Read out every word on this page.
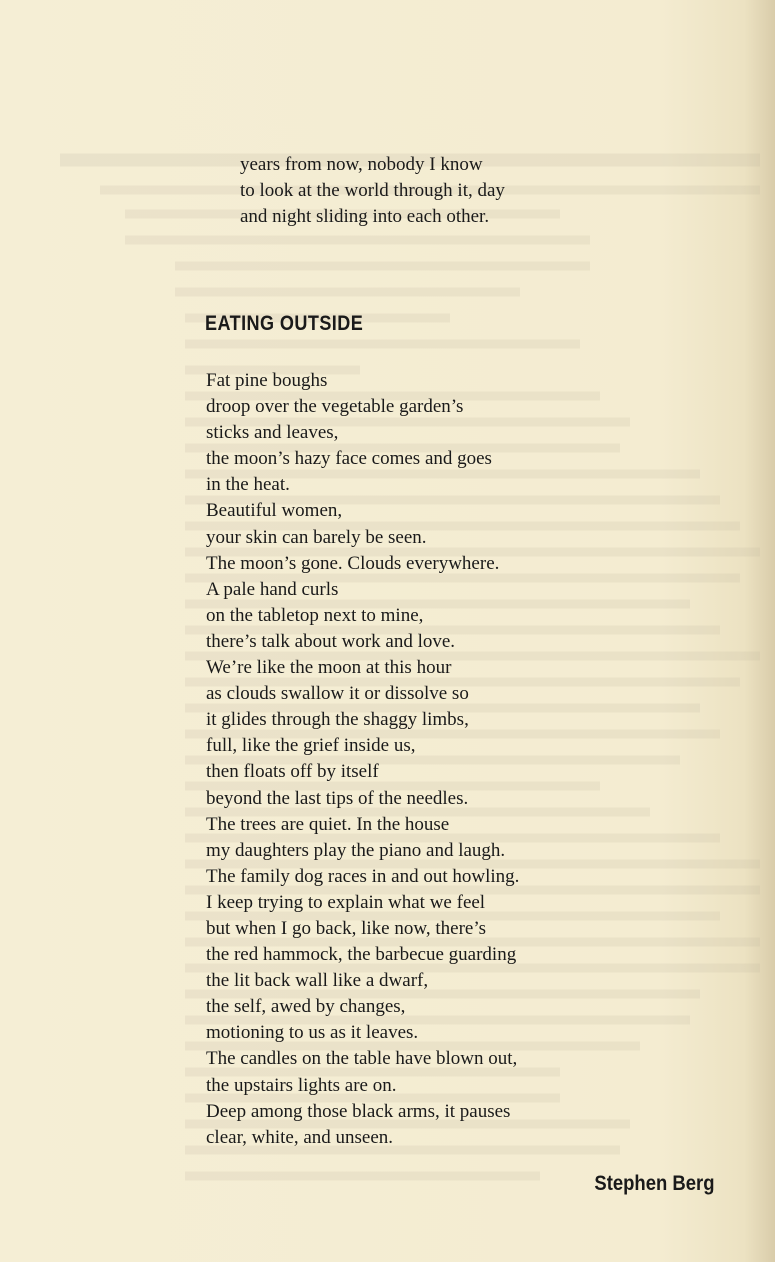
years from now, nobody I know
to look at the world through it, day
and night sliding into each other.
EATING OUTSIDE
Fat pine boughs
droop over the vegetable garden’s
sticks and leaves,
the moon’s hazy face comes and goes
in the heat.
Beautiful women,
your skin can barely be seen.
The moon’s gone. Clouds everywhere.
A pale hand curls
on the tabletop next to mine,
there’s talk about work and love.
We’re like the moon at this hour
as clouds swallow it or dissolve so
it glides through the shaggy limbs,
full, like the grief inside us,
then floats off by itself
beyond the last tips of the needles.
The trees are quiet. In the house
my daughters play the piano and laugh.
The family dog races in and out howling.
I keep trying to explain what we feel
but when I go back, like now, there’s
the red hammock, the barbecue guarding
the lit back wall like a dwarf,
the self, awed by changes,
motioning to us as it leaves.
The candles on the table have blown out,
the upstairs lights are on.
Deep among those black arms, it pauses
clear, white, and unseen.
Stephen Berg
